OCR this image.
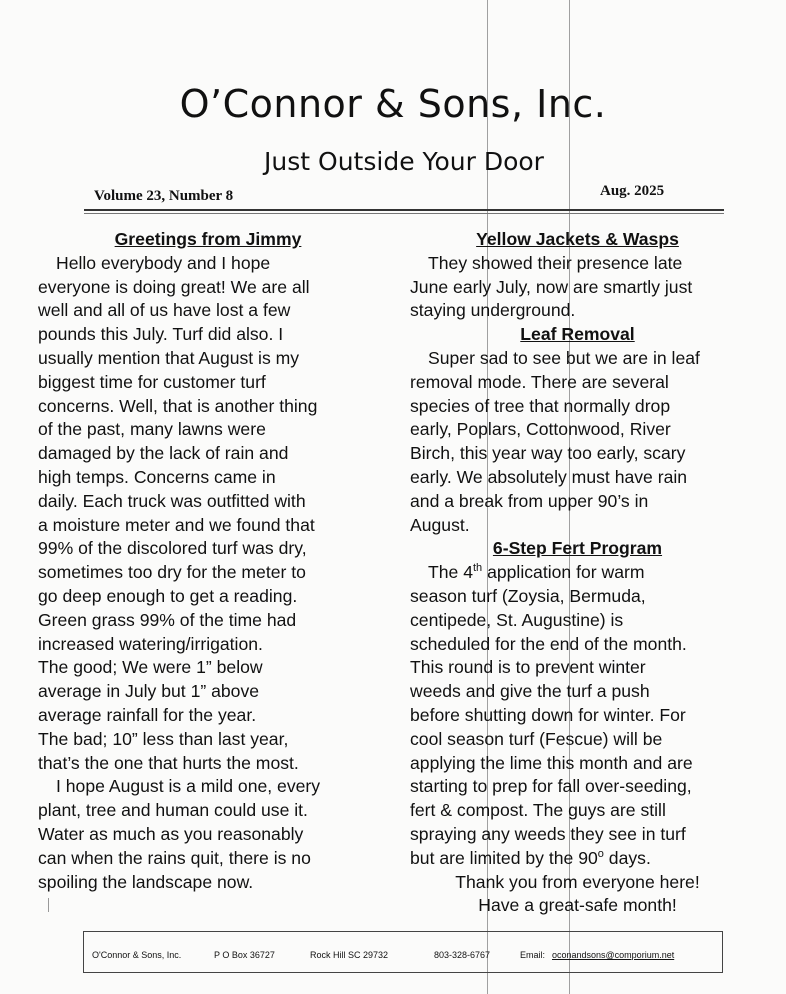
O’Connor & Sons, Inc.
Just Outside Your Door
Volume 23, Number 8	Aug. 2025
Greetings from Jimmy
Hello everybody and I hope
everyone is doing great! We are all
well and all of us have lost a few
pounds this July. Turf did also. I
usually mention that August is my
biggest time for customer turf
concerns. Well, that is another thing
of the past, many lawns were
damaged by the lack of rain and
high temps. Concerns came in
daily. Each truck was outfitted with
a moisture meter and we found that
99% of the discolored turf was dry,
sometimes too dry for the meter to
go deep enough to get a reading.
Green grass 99% of the time had
increased watering/irrigation.
The good; We were 1” below
average in July but 1” above
average rainfall for the year.
The bad; 10” less than last year,
that’s the one that hurts the most.
I hope August is a mild one, every
plant, tree and human could use it.
Water as much as you reasonably
can when the rains quit, there is no
spoiling the landscape now.
Yellow Jackets & Wasps
They showed their presence late
June early July, now are smartly just
staying underground.
Leaf Removal
Super sad to see but we are in leaf
removal mode. There are several
species of tree that normally drop
early, Poplars, Cottonwood, River
Birch, this year way too early, scary
early. We absolutely must have rain
and a break from upper 90’s in
August.
6-Step Fert Program
The 4th application for warm
season turf (Zoysia, Bermuda,
centipede, St. Augustine) is
scheduled for the end of the month.
This round is to prevent winter
weeds and give the turf a push
before shutting down for winter. For
cool season turf (Fescue) will be
applying the lime this month and are
starting to prep for fall over-seeding,
fert & compost. The guys are still
spraying any weeds they see in turf
but are limited by the 90$^o$ days.
Thank you from everyone here!
Have a great-safe month!
O'Connor & Sons, Inc.	P O Box 36727	Rock Hill SC 29732	803-328-6767	Email: oconandsons@comporium.net
